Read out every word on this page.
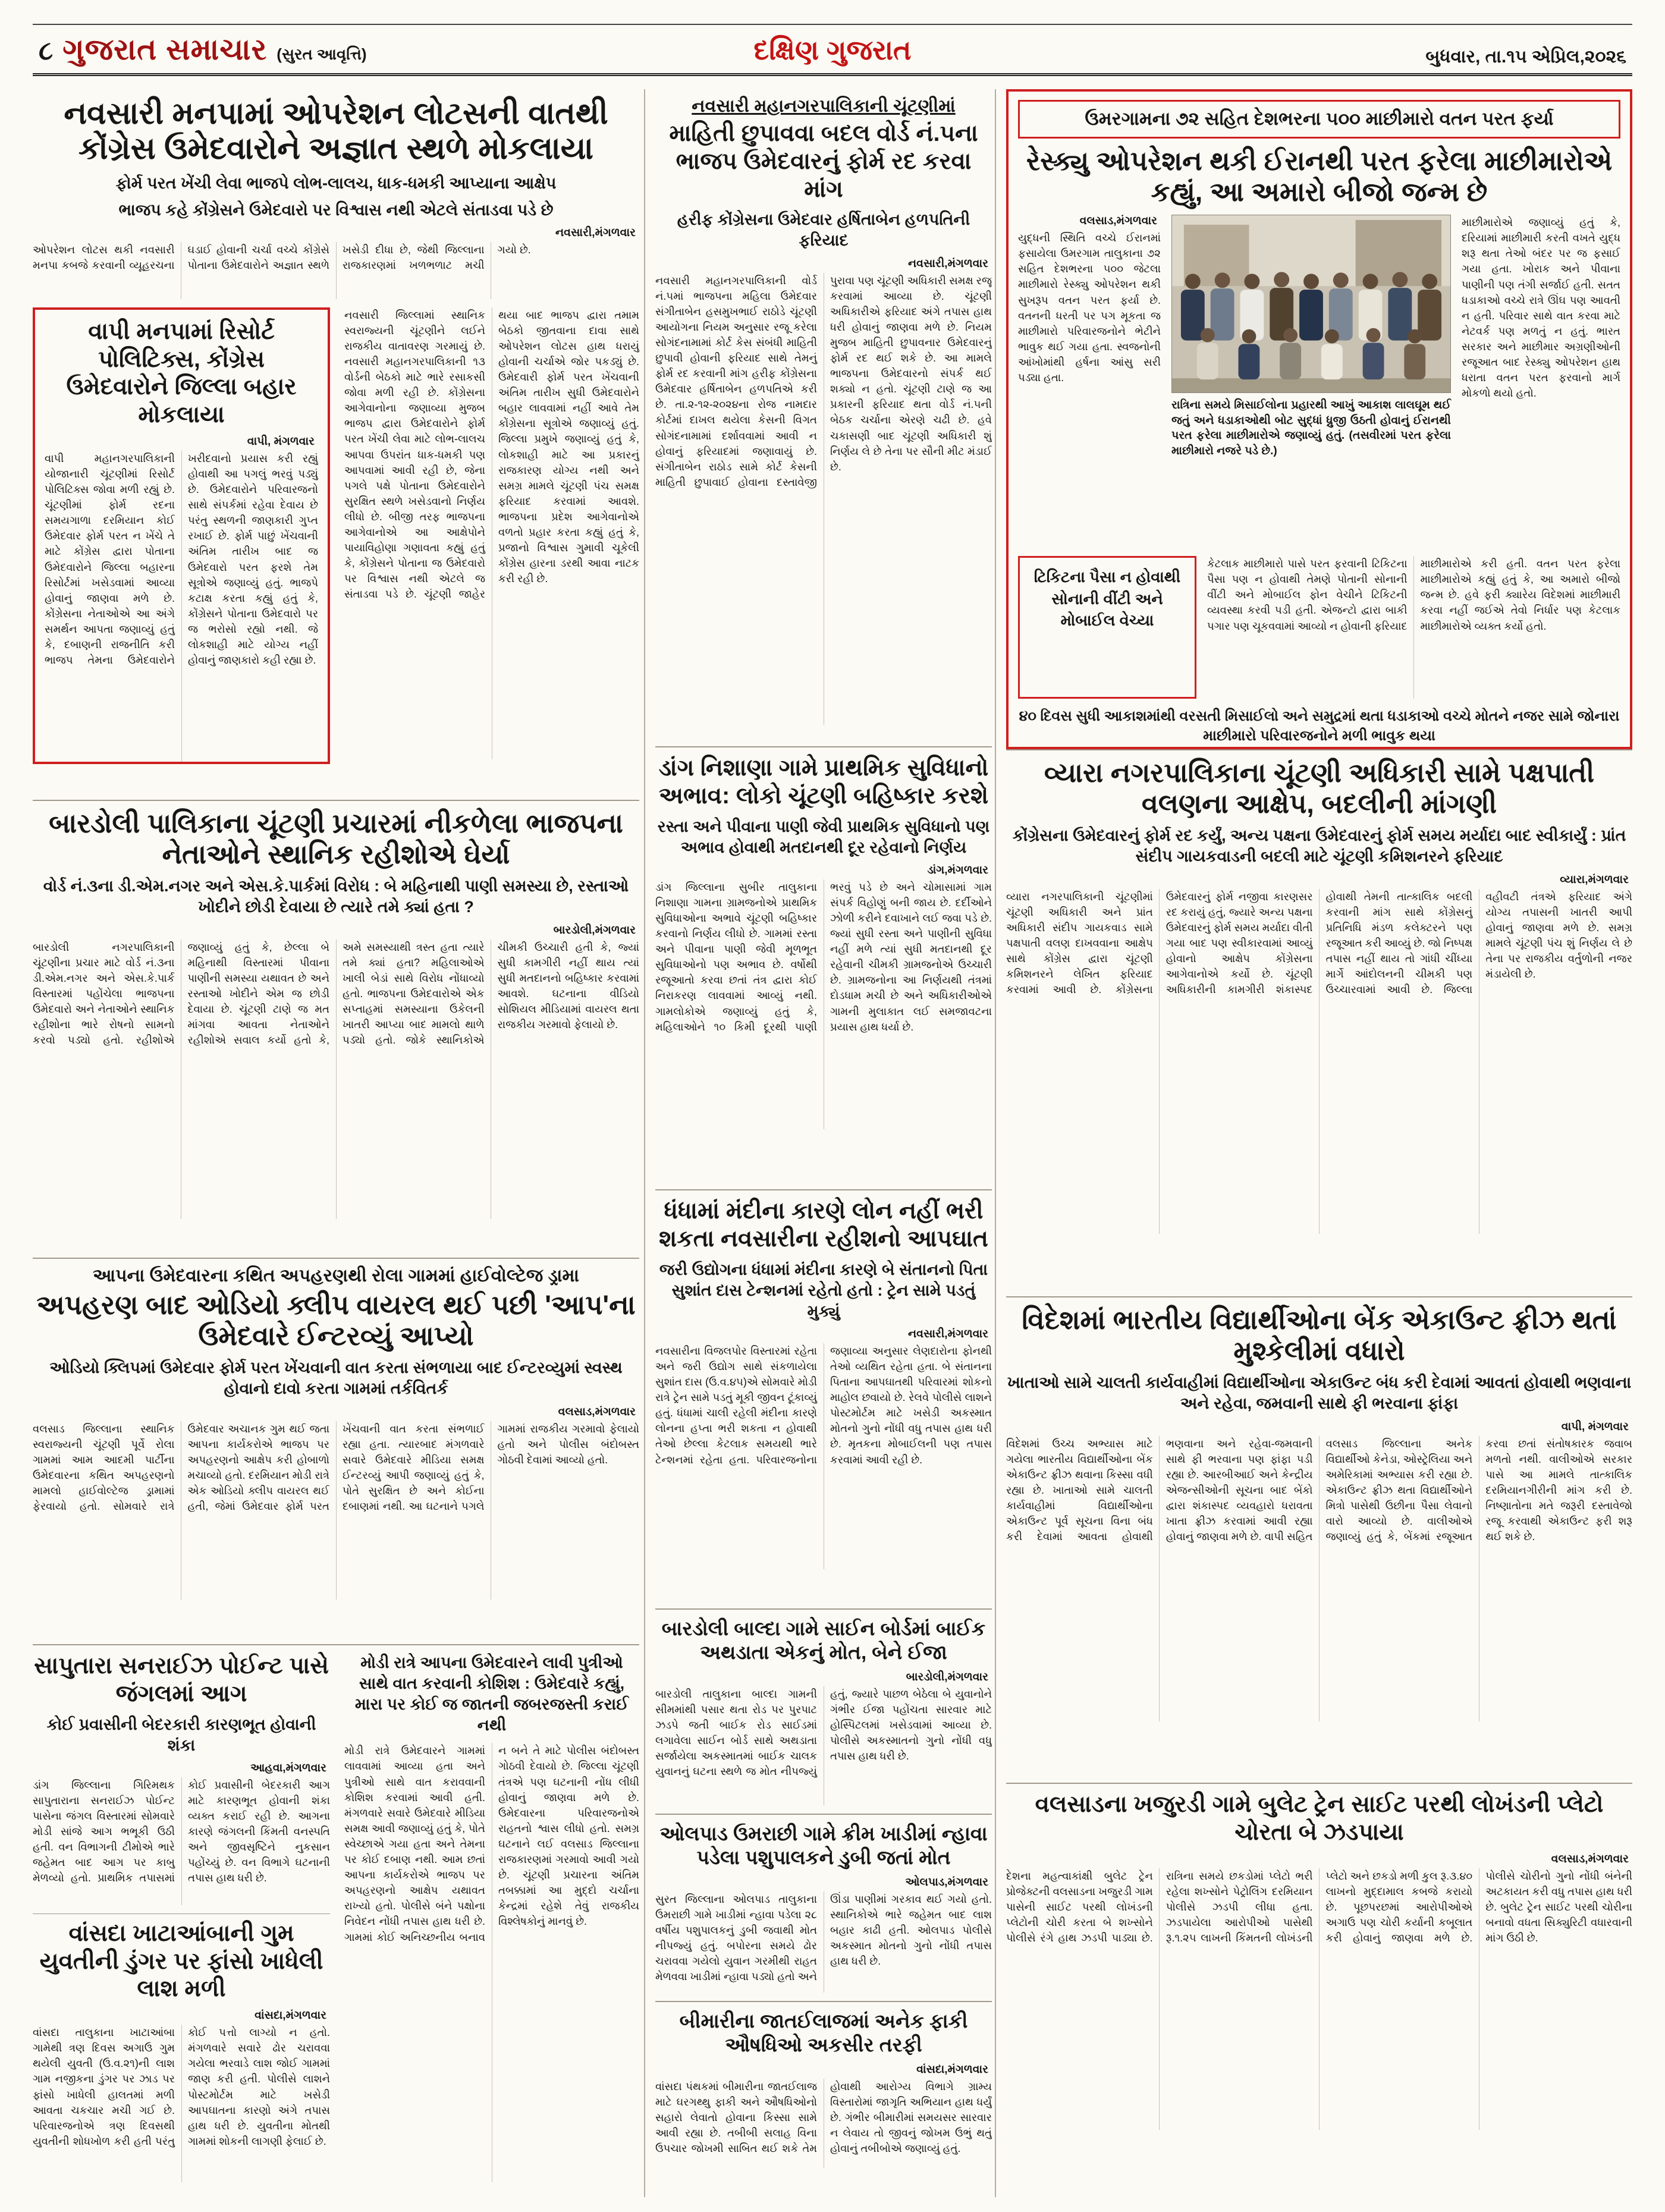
૮ ગુજરાત સમાચાર (સુરત આવૃત્તિ)	દક્ષિણ ગુજરાત	બુધવાર, તા.૧૫ એપ્રિલ,૨૦૨૬
નવસારી મનપામાં ઓપરેશન લોટસની વાતથી કોંગ્રેસ ઉમેદવારોને અજ્ઞાત સ્થળે મોકલાયા
ફોર્મ પરત ખેંચી લેવા ભાજપે લોભ-લાલચ, ધાક-ધમકી આપ્યાના આક્ષેપ
ભાજપ કહે કોંગ્રેસને ઉમેદવારો પર વિશ્વાસ નથી એટલે સંતાડવા પડે છે
નવસારી,મંગળવાર
ઓપરેશન લોટસ થકી નવસારી મનપા કબજે કરવાની વ્યૂહરચના ઘડાઈ હોવાની ચર્ચા વચ્ચે કોંગ્રેસે પોતાના ઉમેદવારોને અજ્ઞાત સ્થળે ખસેડી દીધા છે, જેથી જિલ્લાના રાજકારણમાં ખળભળાટ મચી ગયો છે.
વાપી મનપામાં રિસોર્ટ પોલિટિક્સ, કોંગ્રેસ ઉમેદવારોને જિલ્લા બહાર મોકલાયા
વાપી, મંગળવાર
વાપી મહાનગરપાલિકાની યોજાનારી ચૂંટણીમાં રિસોર્ટ પોલિટિક્સ જોવા મળી રહ્યું છે. ચૂંટણીમાં ફોર્મ રદના સમયગાળા દરમિયાન કોઈ ઉમેદવાર ફોર્મ પરત ન ખેંચે તે માટે કોંગ્રેસ દ્વારા પોતાના ઉમેદવારોને જિલ્લા બહારના રિસોર્ટમાં ખસેડવામાં આવ્યા હોવાનું જાણવા મળે છે. કોંગ્રેસના નેતાઓએ આ અંગે સમર્થન આપતા જણાવ્યું હતું કે, દબાણની રાજનીતિ કરી ભાજપ તેમના ઉમેદવારોને ખરીદવાનો પ્રયાસ કરી રહ્યું હોવાથી આ પગલું ભરવું પડ્યું છે. ઉમેદવારોને પરિવારજનો સાથે સંપર્કમાં રહેવા દેવાય છે પરંતુ સ્થળની જાણકારી ગુપ્ત રખાઈ છે. ફોર્મ પાછું ખેંચવાની અંતિમ તારીખ બાદ જ ઉમેદવારો પરત ફરશે તેમ સૂત્રોએ જણાવ્યું હતું. ભાજપે કટાક્ષ કરતા કહ્યું હતું કે, કોંગ્રેસને પોતાના ઉમેદવારો પર જ ભરોસો રહ્યો નથી. જે લોકશાહી માટે યોગ્ય નહીં હોવાનું જાણકારો કહી રહ્યા છે.
નવસારી જિલ્લામાં સ્થાનિક સ્વરાજ્યની ચૂંટણીને લઈને રાજકીય વાતાવરણ ગરમાયું છે. નવસારી મહાનગરપાલિકાની ૧૩ વોર્ડની બેઠકો માટે ભારે રસાકસી જોવા મળી રહી છે. કોંગ્રેસના આગેવાનોના જણાવ્યા મુજબ ભાજપ દ્વારા ઉમેદવારોને ફોર્મ પરત ખેંચી લેવા માટે લોભ-લાલચ આપવા ઉપરાંત ધાક-ધમકી પણ આપવામાં આવી રહી છે, જેના પગલે પક્ષે પોતાના ઉમેદવારોને સુરક્ષિત સ્થળે ખસેડવાનો નિર્ણય લીધો છે. બીજી તરફ ભાજપના આગેવાનોએ આ આક્ષેપોને પાયાવિહોણા ગણાવતા કહ્યું હતું કે, કોંગ્રેસને પોતાના જ ઉમેદવારો પર વિશ્વાસ નથી એટલે જ સંતાડવા પડે છે. ચૂંટણી જાહેર થયા બાદ ભાજપ દ્વારા તમામ બેઠકો જીતવાના દાવા સાથે ઓપરેશન લોટસ હાથ ધરાયું હોવાની ચર્ચાએ જોર પકડ્યું છે. ઉમેદવારી ફોર્મ પરત ખેંચવાની અંતિમ તારીખ સુધી ઉમેદવારોને બહાર લાવવામાં નહીં આવે તેમ કોંગ્રેસના સૂત્રોએ જણાવ્યું હતું. જિલ્લા પ્રમુખે જણાવ્યું હતું કે, લોકશાહી માટે આ પ્રકારનું રાજકારણ યોગ્ય નથી અને સમગ્ર મામલે ચૂંટણી પંચ સમક્ષ ફરિયાદ કરવામાં આવશે. ભાજપના પ્રદેશ આગેવાનોએ વળતો પ્રહાર કરતા કહ્યું હતું કે, પ્રજાનો વિશ્વાસ ગુમાવી ચૂકેલી કોંગ્રેસ હારના ડરથી આવા નાટક કરી રહી છે.
બારડોલી પાલિકાના ચૂંટણી પ્રચારમાં નીકળેલા ભાજપના નેતાઓને સ્થાનિક રહીશોએ ઘેર્યા
વોર્ડ નં.૩ના ડી.એમ.નગર અને એસ.કે.પાર્કમાં વિરોધ : બે મહિનાથી પાણી સમસ્યા છે, રસ્તાઓ ખોદીને છોડી દેવાયા છે ત્યારે તમે ક્યાં હતા ?
બારડોલી,મંગળવાર
બારડોલી નગરપાલિકાની ચૂંટણીના પ્રચાર માટે વોર્ડ નં.૩ના ડી.એમ.નગર અને એસ.કે.પાર્ક વિસ્તારમાં પહોંચેલા ભાજપના ઉમેદવારો અને નેતાઓને સ્થાનિક રહીશોના ભારે રોષનો સામનો કરવો પડ્યો હતો. રહીશોએ જણાવ્યું હતું કે, છેલ્લા બે મહિનાથી વિસ્તારમાં પીવાના પાણીની સમસ્યા યથાવત છે અને રસ્તાઓ ખોદીને એમ જ છોડી દેવાયા છે. ચૂંટણી ટાણે જ મત માંગવા આવતા નેતાઓને રહીશોએ સવાલ કર્યો હતો કે, અમે સમસ્યાથી ત્રસ્ત હતા ત્યારે તમે ક્યાં હતા? મહિલાઓએ ખાલી બેડાં સાથે વિરોધ નોંધાવ્યો હતો. ભાજપના ઉમેદવારોએ એક સપ્તાહમાં સમસ્યાના ઉકેલની ખાતરી આપ્યા બાદ મામલો થાળે પડ્યો હતો. જોકે સ્થાનિકોએ ચીમકી ઉચ્ચારી હતી કે, જ્યાં સુધી કામગીરી નહીં થાય ત્યાં સુધી મતદાનનો બહિષ્કાર કરવામાં આવશે. ઘટનાના વીડિયો સોશિયલ મીડિયામાં વાયરલ થતા રાજકીય ગરમાવો ફેલાયો છે.
આપના ઉમેદવારના કથિત અપહરણથી રોલા ગામમાં હાઈવોલ્ટેજ ડ્રામા
અપહરણ બાદ ઓડિયો ક્લીપ વાયરલ થઈ પછી 'આપ'ના ઉમેદવારે ઈન્ટરવ્યું આપ્યો
ઓડિયો ક્લિપમાં ઉમેદવાર ફોર્મ પરત ખેંચવાની વાત કરતા સંભળાયા બાદ ઈન્ટરવ્યુમાં સ્વસ્થ હોવાનો દાવો કરતા ગામમાં તર્કવિતર્ક
વલસાડ,મંગળવાર
વલસાડ જિલ્લાના સ્થાનિક સ્વરાજ્યની ચૂંટણી પૂર્વે રોલા ગામમાં આમ આદમી પાર્ટીના ઉમેદવારના કથિત અપહરણનો મામલો હાઈવોલ્ટેજ ડ્રામામાં ફેરવાયો હતો. સોમવારે રાત્રે ઉમેદવાર અચાનક ગુમ થઈ જતા આપના કાર્યકરોએ ભાજપ પર અપહરણનો આક્ષેપ કરી હોબાળો મચાવ્યો હતો. દરમિયાન મોડી રાત્રે એક ઓડિયો ક્લીપ વાયરલ થઈ હતી, જેમાં ઉમેદવાર ફોર્મ પરત ખેંચવાની વાત કરતા સંભળાઈ રહ્યા હતા. ત્યારબાદ મંગળવારે સવારે ઉમેદવારે મીડિયા સમક્ષ ઈન્ટરવ્યું આપી જણાવ્યું હતું કે, પોતે સુરક્ષિત છે અને કોઈના દબાણમાં નથી. આ ઘટનાને પગલે ગામમાં રાજકીય ગરમાવો ફેલાયો હતો અને પોલીસ બંદોબસ્ત ગોઠવી દેવામાં આવ્યો હતો.
સાપુતારા સનરાઈઝ પોઈન્ટ પાસે જંગલમાં આગ
કોઈ પ્રવાસીની બેદરકારી કારણભૂત હોવાની શંકા
આહવા,મંગળવાર
ડાંગ જિલ્લાના ગિરિમથક સાપુતારાના સનરાઈઝ પોઈન્ટ પાસેના જંગલ વિસ્તારમાં સોમવારે મોડી સાંજે આગ ભભૂકી ઉઠી હતી. વન વિભાગની ટીમોએ ભારે જહેમત બાદ આગ પર કાબુ મેળવ્યો હતો. પ્રાથમિક તપાસમાં કોઈ પ્રવાસીની બેદરકારી આગ માટે કારણભૂત હોવાની શંકા વ્યક્ત કરાઈ રહી છે. આગના કારણે જંગલની કિંમતી વનસ્પતિ અને જીવસૃષ્ટિને નુકસાન પહોંચ્યું છે. વન વિભાગે ઘટનાની તપાસ હાથ ધરી છે.
વાંસદા ખાટાઆંબાની ગુમ યુવતીની ડુંગર પર ફાંસો ખાધેલી લાશ મળી
વાંસદા,મંગળવાર
વાંસદા તાલુકાના ખાટાઆંબા ગામેથી ત્રણ દિવસ અગાઉ ગુમ થયેલી યુવતી (ઉ.વ.૨૧)ની લાશ ગામ નજીકના ડુંગર પર ઝાડ પર ફાંસો ખાધેલી હાલતમાં મળી આવતા ચકચાર મચી ગઈ છે. પરિવારજનોએ ત્રણ દિવસથી યુવતીની શોધખોળ કરી હતી પરંતુ કોઈ પત્તો લાગ્યો ન હતો. મંગળવારે સવારે ઢોર ચરાવવા ગયેલા ભરવાડે લાશ જોઈ ગામમાં જાણ કરી હતી. પોલીસે લાશને પોસ્ટમોર્ટમ માટે ખસેડી આપઘાતના કારણો અંગે તપાસ હાથ ધરી છે. યુવતીના મોતથી ગામમાં શોકની લાગણી ફેલાઈ છે.
મોડી રાત્રે આપના ઉમેદવારને લાવી પુત્રીઓ સાથે વાત કરવાની કોશિશ : ઉમેદવારે કહ્યું, મારા પર કોઈ જ જાતની જબરજસ્તી કરાઈ નથી
મોડી રાત્રે ઉમેદવારને ગામમાં લાવવામાં આવ્યા હતા અને પુત્રીઓ સાથે વાત કરાવવાની કોશિશ કરવામાં આવી હતી. મંગળવારે સવારે ઉમેદવારે મીડિયા સમક્ષ આવી જણાવ્યું હતું કે, પોતે સ્વેચ્છાએ ગયા હતા અને તેમના પર કોઈ દબાણ નથી. આમ છતાં આપના કાર્યકરોએ ભાજપ પર અપહરણનો આક્ષેપ યથાવત રાખ્યો હતો. પોલીસે બંને પક્ષોના નિવેદન નોંધી તપાસ હાથ ધરી છે. ગામમાં કોઈ અનિચ્છનીય બનાવ ન બને તે માટે પોલીસ બંદોબસ્ત ગોઠવી દેવાયો છે. જિલ્લા ચૂંટણી તંત્રએ પણ ઘટનાની નોંધ લીધી હોવાનું જાણવા મળે છે. ઉમેદવારના પરિવારજનોએ રાહતનો શ્વાસ લીધો હતો. સમગ્ર ઘટનાને લઈ વલસાડ જિલ્લાના રાજકારણમાં ગરમાવો આવી ગયો છે. ચૂંટણી પ્રચારના અંતિમ તબક્કામાં આ મુદ્દો ચર્ચાના કેન્દ્રમાં રહેશે તેવું રાજકીય વિશ્લેષકોનું માનવું છે.
નવસારી મહાનગરપાલિકાની ચૂંટણીમાં
માહિતી છુપાવવા બદલ વોર્ડ નં.૫ના ભાજપ ઉમેદવારનું ફોર્મ રદ કરવા માંગ
હરીફ કોંગ્રેસના ઉમેદવાર હર્ષિતાબેન હળપતિની ફરિયાદ
નવસારી,મંગળવાર
નવસારી મહાનગરપાલિકાની વોર્ડ નં.૫માં ભાજપના મહિલા ઉમેદવાર સંગીતાબેન હસમુખભાઈ રાઠોડે ચૂંટણી આયોગના નિયમ અનુસાર રજૂ કરેલા સોગંદનામામાં કોર્ટ કેસ સંબંધી માહિતી છુપાવી હોવાની ફરિયાદ સાથે તેમનું ફોર્મ રદ કરવાની માંગ હરીફ કોંગ્રેસના ઉમેદવાર હર્ષિતાબેન હળપતિએ કરી છે. તા.૨-૧૨-૨૦૨૪ના રોજ નામદાર કોર્ટમાં દાખલ થયેલા કેસની વિગત સોગંદનામામાં દર્શાવવામાં આવી ન હોવાનું ફરિયાદમાં જણાવાયું છે. સંગીતાબેન રાઠોડ સામે કોર્ટ કેસની માહિતી છુપાવાઈ હોવાના દસ્તાવેજી પુરાવા પણ ચૂંટણી અધિકારી સમક્ષ રજૂ કરવામાં આવ્યા છે. ચૂંટણી અધિકારીએ ફરિયાદ અંગે તપાસ હાથ ધરી હોવાનું જાણવા મળે છે. નિયમ મુજબ માહિતી છુપાવનાર ઉમેદવારનું ફોર્મ રદ થઈ શકે છે. આ મામલે ભાજપના ઉમેદવારનો સંપર્ક થઈ શક્યો ન હતો. ચૂંટણી ટાણે જ આ પ્રકારની ફરિયાદ થતા વોર્ડ નં.૫ની બેઠક ચર્ચાના એરણે ચઢી છે. હવે ચકાસણી બાદ ચૂંટણી અધિકારી શું નિર્ણય લે છે તેના પર સૌની મીટ મંડાઈ છે.
ડાંગ નિશાણા ગામે પ્રાથમિક સુવિધાનો અભાવ: લોકો ચૂંટણી બહિષ્કાર કરશે
રસ્તા અને પીવાના પાણી જેવી પ્રાથમિક સુવિધાનો પણ અભાવ હોવાથી મતદાનથી દૂર રહેવાનો નિર્ણય
ડાંગ,મંગળવાર
ડાંગ જિલ્લાના સુબીર તાલુકાના નિશાણા ગામના ગ્રામજનોએ પ્રાથમિક સુવિધાઓના અભાવે ચૂંટણી બહિષ્કાર કરવાનો નિર્ણય લીધો છે. ગામમાં રસ્તા અને પીવાના પાણી જેવી મૂળભૂત સુવિધાઓનો પણ અભાવ છે. વર્ષોથી રજૂઆતો કરવા છતાં તંત્ર દ્વારા કોઈ નિરાકરણ લાવવામાં આવ્યું નથી. ગામલોકોએ જણાવ્યું હતું કે, મહિલાઓને ૧૦ કિમી દૂરથી પાણી ભરવું પડે છે અને ચોમાસામાં ગામ સંપર્ક વિહોણું બની જાય છે. દર્દીઓને ઝોળી કરીને દવાખાને લઈ જવા પડે છે. જ્યાં સુધી રસ્તા અને પાણીની સુવિધા નહીં મળે ત્યાં સુધી મતદાનથી દૂર રહેવાની ચીમકી ગ્રામજનોએ ઉચ્ચારી છે. ગ્રામજનોના આ નિર્ણયથી તંત્રમાં દોડધામ મચી છે અને અધિકારીઓએ ગામની મુલાકાત લઈ સમજાવટના પ્રયાસ હાથ ધર્યા છે.
ધંધામાં મંદીના કારણે લોન નહીં ભરી શકતા નવસારીના રહીશનો આપઘાત
જરી ઉદ્યોગના ધંધામાં મંદીના કારણે બે સંતાનનો પિતા સુશાંત દાસ ટેન્શનમાં રહેતો હતો : ટ્રેન સામે પડતું મુક્યું
નવસારી,મંગળવાર
નવસારીના વિજલપોર વિસ્તારમાં રહેતા અને જરી ઉદ્યોગ સાથે સંકળાયેલા સુશાંત દાસ (ઉ.વ.૪૫)એ સોમવારે મોડી રાત્રે ટ્રેન સામે પડતું મૂકી જીવન ટૂંકાવ્યું હતું. ધંધામાં ચાલી રહેલી મંદીના કારણે લોનના હપ્તા ભરી શકતા ન હોવાથી તેઓ છેલ્લા કેટલાક સમયથી ભારે ટેન્શનમાં રહેતા હતા. પરિવારજનોના જણાવ્યા અનુસાર લેણદારોના ફોનથી તેઓ વ્યથિત રહેતા હતા. બે સંતાનના પિતાના આપઘાતથી પરિવારમાં શોકનો માહોલ છવાયો છે. રેલવે પોલીસે લાશને પોસ્ટમોર્ટમ માટે ખસેડી અકસ્માત મોતનો ગુનો નોંધી વધુ તપાસ હાથ ધરી છે. મૃતકના મોબાઈલની પણ તપાસ કરવામાં આવી રહી છે.
બારડોલી બાલ્દા ગામે સાઈન બોર્ડમાં બાઈક અથડાતા એકનું મોત, બેને ઈજા
બારડોલી,મંગળવાર
બારડોલી તાલુકાના બાલ્દા ગામની સીમમાંથી પસાર થતા રોડ પર પુરપાટ ઝડપે જતી બાઈક રોડ સાઈડમાં લગાવેલા સાઈન બોર્ડ સાથે અથડાતા સર્જાયેલા અકસ્માતમાં બાઈક ચાલક યુવાનનું ઘટના સ્થળે જ મોત નીપજ્યું હતું, જ્યારે પાછળ બેઠેલા બે યુવાનોને ગંભીર ઈજા પહોંચતા સારવાર માટે હોસ્પિટલમાં ખસેડવામાં આવ્યા છે. પોલીસે અકસ્માતનો ગુનો નોંધી વધુ તપાસ હાથ ધરી છે.
ઓલપાડ ઉમરાછી ગામે ક્રીમ ખાડીમાં ન્હાવા પડેલા પશુપાલકને ડુબી જતાં મોત
ઓલપાડ,મંગળવાર
સુરત જિલ્લાના ઓલપાડ તાલુકાના ઉમરાછી ગામે ખાડીમાં ન્હાવા પડેલા ૨૮ વર્ષીય પશુપાલકનું ડુબી જવાથી મોત નીપજ્યું હતું. બપોરના સમયે ઢોર ચરાવવા ગયેલો યુવાન ગરમીથી રાહત મેળવવા ખાડીમાં ન્હાવા પડ્યો હતો અને ઊંડા પાણીમાં ગરકાવ થઈ ગયો હતો. સ્થાનિકોએ ભારે જહેમત બાદ લાશ બહાર કાઢી હતી. ઓલપાડ પોલીસે અકસ્માત મોતનો ગુનો નોંધી તપાસ હાથ ધરી છે.
બીમારીના જાતઈલાજમાં અનેક ફાકી ઔષધિઓ અકસીર તરફી
વાંસદા,મંગળવાર
વાંસદા પંથકમાં બીમારીના જાતઈલાજ માટે ઘરગથ્થુ ફાકી અને ઔષધિઓનો સહારો લેવાતો હોવાના કિસ્સા સામે આવી રહ્યા છે. તબીબી સલાહ વિના ઉપચાર જોખમી સાબિત થઈ શકે તેમ હોવાથી આરોગ્ય વિભાગે ગ્રામ્ય વિસ્તારોમાં જાગૃતિ અભિયાન હાથ ધર્યું છે. ગંભીર બીમારીમાં સમયસર સારવાર ન લેવાય તો જીવનું જોખમ ઉભું થતું હોવાનું તબીબોએ જણાવ્યું હતું.
ઉમરગામના ૭૨ સહિત દેશભરના ૫૦૦ માછીમારો વતન પરત ફર્યા
રેસ્ક્યુ ઓપરેશન થકી ઈરાનથી પરત ફરેલા માછીમારોએ કહ્યું, આ અમારો બીજો જન્મ છે
વલસાડ,મંગળવાર
યુદ્ધની સ્થિતિ વચ્ચે ઈરાનમાં ફસાયેલા ઉમરગામ તાલુકાના ૭૨ સહિત દેશભરના ૫૦૦ જેટલા માછીમારો રેસ્ક્યુ ઓપરેશન થકી સુખરૂપ વતન પરત ફર્યા છે. વતનની ધરતી પર પગ મૂકતા જ માછીમારો પરિવારજનોને ભેટીને ભાવુક થઈ ગયા હતા. સ્વજનોની આંખોમાંથી હર્ષના આંસુ સરી પડ્યા હતા.
રાત્રિના સમયે મિસાઈલોના પ્રહારથી આખું આકાશ લાલઘૂમ થઈ જતું અને ધડાકાઓથી બોટ સુદ્ધાં ધ્રુજી ઉઠતી હોવાનું ઈરાનથી પરત ફરેલા માછીમારોએ જણાવ્યું હતું. (તસવીરમાં પરત ફરેલા માછીમારો નજરે પડે છે.)
માછીમારોએ જણાવ્યું હતું કે, દરિયામાં માછીમારી કરતી વખતે યુદ્ધ શરૂ થતા તેઓ બંદર પર જ ફસાઈ ગયા હતા. ખોરાક અને પીવાના પાણીની પણ તંગી સર્જાઈ હતી. સતત ધડાકાઓ વચ્ચે રાત્રે ઊંઘ પણ આવતી ન હતી. પરિવાર સાથે વાત કરવા માટે નેટવર્ક પણ મળતું ન હતું. ભારત સરકાર અને માછીમાર અગ્રણીઓની રજૂઆત બાદ રેસ્ક્યુ ઓપરેશન હાથ ધરાતા વતન પરત ફરવાનો માર્ગ મોકળો થયો હતો.
ટિકિટના પૈસા ન હોવાથી સોનાની વીંટી અને મોબાઈલ વેચ્યા
કેટલાક માછીમારો પાસે પરત ફરવાની ટિકિટના પૈસા પણ ન હોવાથી તેમણે પોતાની સોનાની વીંટી અને મોબાઈલ ફોન વેચીને ટિકિટની વ્યવસ્થા કરવી પડી હતી. એજન્ટો દ્વારા બાકી પગાર પણ ચૂકવવામાં આવ્યો ન હોવાની ફરિયાદ માછીમારોએ કરી હતી. વતન પરત ફરેલા માછીમારોએ કહ્યું હતું કે, આ અમારો બીજો જન્મ છે. હવે ફરી ક્યારેય વિદેશમાં માછીમારી કરવા નહીં જઈએ તેવો નિર્ધાર પણ કેટલાક માછીમારોએ વ્યક્ત કર્યો હતો.
૪૦ દિવસ સુધી આકાશમાંથી વરસતી મિસાઈલો અને સમુદ્રમાં થતા ધડાકાઓ વચ્ચે મોતને નજર સામે જોનારા માછીમારો પરિવારજનોને મળી ભાવુક થયા
વ્યારા નગરપાલિકાના ચૂંટણી અધિકારી સામે પક્ષપાતી વલણના આક્ષેપ, બદલીની માંગણી
કોંગ્રેસના ઉમેદવારનું ફોર્મ રદ કર્યું, અન્ય પક્ષના ઉમેદવારનું ફોર્મ સમય મર્યાદા બાદ સ્વીકાર્યું : પ્રાંત સંદીપ ગાયકવાડની બદલી માટે ચૂંટણી કમિશનરને ફરિયાદ
વ્યારા,મંગળવાર
વ્યારા નગરપાલિકાની ચૂંટણીમાં ચૂંટણી અધિકારી અને પ્રાંત અધિકારી સંદીપ ગાયકવાડ સામે પક્ષપાતી વલણ દાખવવાના આક્ષેપ સાથે કોંગ્રેસ દ્વારા ચૂંટણી કમિશનરને લેખિત ફરિયાદ કરવામાં આવી છે. કોંગ્રેસના ઉમેદવારનું ફોર્મ નજીવા કારણસર રદ કરાયું હતું, જ્યારે અન્ય પક્ષના ઉમેદવારનું ફોર્મ સમય મર્યાદા વીતી ગયા બાદ પણ સ્વીકારવામાં આવ્યું હોવાનો આક્ષેપ કોંગ્રેસના આગેવાનોએ કર્યો છે. ચૂંટણી અધિકારીની કામગીરી શંકાસ્પદ હોવાથી તેમની તાત્કાલિક બદલી કરવાની માંગ સાથે કોંગ્રેસનું પ્રતિનિધિ મંડળ કલેક્ટરને પણ રજૂઆત કરી આવ્યું છે. જો નિષ્પક્ષ તપાસ નહીં થાય તો ગાંધી ચીંધ્યા માર્ગે આંદોલનની ચીમકી પણ ઉચ્ચારવામાં આવી છે. જિલ્લા વહીવટી તંત્રએ ફરિયાદ અંગે યોગ્ય તપાસની ખાતરી આપી હોવાનું જાણવા મળે છે. સમગ્ર મામલે ચૂંટણી પંચ શું નિર્ણય લે છે તેના પર રાજકીય વર્તુળોની નજર મંડાયેલી છે.
વિદેશમાં ભારતીય વિદ્યાર્થીઓના બેંક એકાઉન્ટ ફ્રીઝ થતાં મુશ્કેલીમાં વધારો
ખાતાઓ સામે ચાલતી કાર્યવાહીમાં વિદ્યાર્થીઓના એકાઉન્ટ બંધ કરી દેવામાં આવતાં હોવાથી ભણવાના અને રહેવા, જમવાની સાથે ફી ભરવાના ફાંફા
વાપી, મંગળવાર
વિદેશમાં ઉચ્ચ અભ્યાસ માટે ગયેલા ભારતીય વિદ્યાર્થીઓના બેંક એકાઉન્ટ ફ્રીઝ થવાના કિસ્સા વધી રહ્યા છે. ખાતાઓ સામે ચાલતી કાર્યવાહીમાં વિદ્યાર્થીઓના એકાઉન્ટ પૂર્વ સૂચના વિના બંધ કરી દેવામાં આવતા હોવાથી ભણવાના અને રહેવા-જમવાની સાથે ફી ભરવાના પણ ફાંફા પડી રહ્યા છે. આરબીઆઈ અને કેન્દ્રીય એજન્સીઓની સૂચના બાદ બેંકો દ્વારા શંકાસ્પદ વ્યવહારો ધરાવતા ખાતા ફ્રીઝ કરવામાં આવી રહ્યા હોવાનું જાણવા મળે છે. વાપી સહિત વલસાડ જિલ્લાના અનેક વિદ્યાર્થીઓ કેનેડા, ઓસ્ટ્રેલિયા અને અમેરિકામાં અભ્યાસ કરી રહ્યા છે. એકાઉન્ટ ફ્રીઝ થતા વિદ્યાર્થીઓને મિત્રો પાસેથી ઉછીના પૈસા લેવાનો વારો આવ્યો છે. વાલીઓએ જણાવ્યું હતું કે, બેંકમાં રજૂઆત કરવા છતાં સંતોષકારક જવાબ મળતો નથી. વાલીઓએ સરકાર પાસે આ મામલે તાત્કાલિક દરમિયાનગીરીની માંગ કરી છે. નિષ્ણાતોના મતે જરૂરી દસ્તાવેજો રજૂ કરવાથી એકાઉન્ટ ફરી શરૂ થઈ શકે છે.
વલસાડના ખજુરડી ગામે બુલેટ ટ્રેન સાઈટ પરથી લોખંડની પ્લેટો ચોરતા બે ઝડપાયા
વલસાડ,મંગળવાર
દેશના મહત્વાકાંક્ષી બુલેટ ટ્રેન પ્રોજેક્ટની વલસાડના ખજુરડી ગામ પાસેની સાઈટ પરથી લોખંડની પ્લેટોની ચોરી કરતા બે શખ્સોને પોલીસે રંગે હાથ ઝડપી પાડ્યા છે. રાત્રિના સમયે છકડોમાં પ્લેટો ભરી રહેલા શખ્સોને પેટ્રોલિંગ દરમિયાન પોલીસે ઝડપી લીધા હતા. ઝડપાયેલા આરોપીઓ પાસેથી રૂ.૧.૨૫ લાખની કિંમતની લોખંડની પ્લેટો અને છકડો મળી કુલ રૂ.૩.૪૦ લાખનો મુદ્દામાલ કબજે કરાયો છે. પૂછપરછમાં આરોપીઓએ અગાઉ પણ ચોરી કર્યાની કબૂલાત કરી હોવાનું જાણવા મળે છે. પોલીસે ચોરીનો ગુનો નોંધી બંનેની અટકાયત કરી વધુ તપાસ હાથ ધરી છે. બુલેટ ટ્રેન સાઈટ પરથી ચોરીના બનાવો વધતા સિક્યુરિટી વધારવાની માંગ ઉઠી છે.
